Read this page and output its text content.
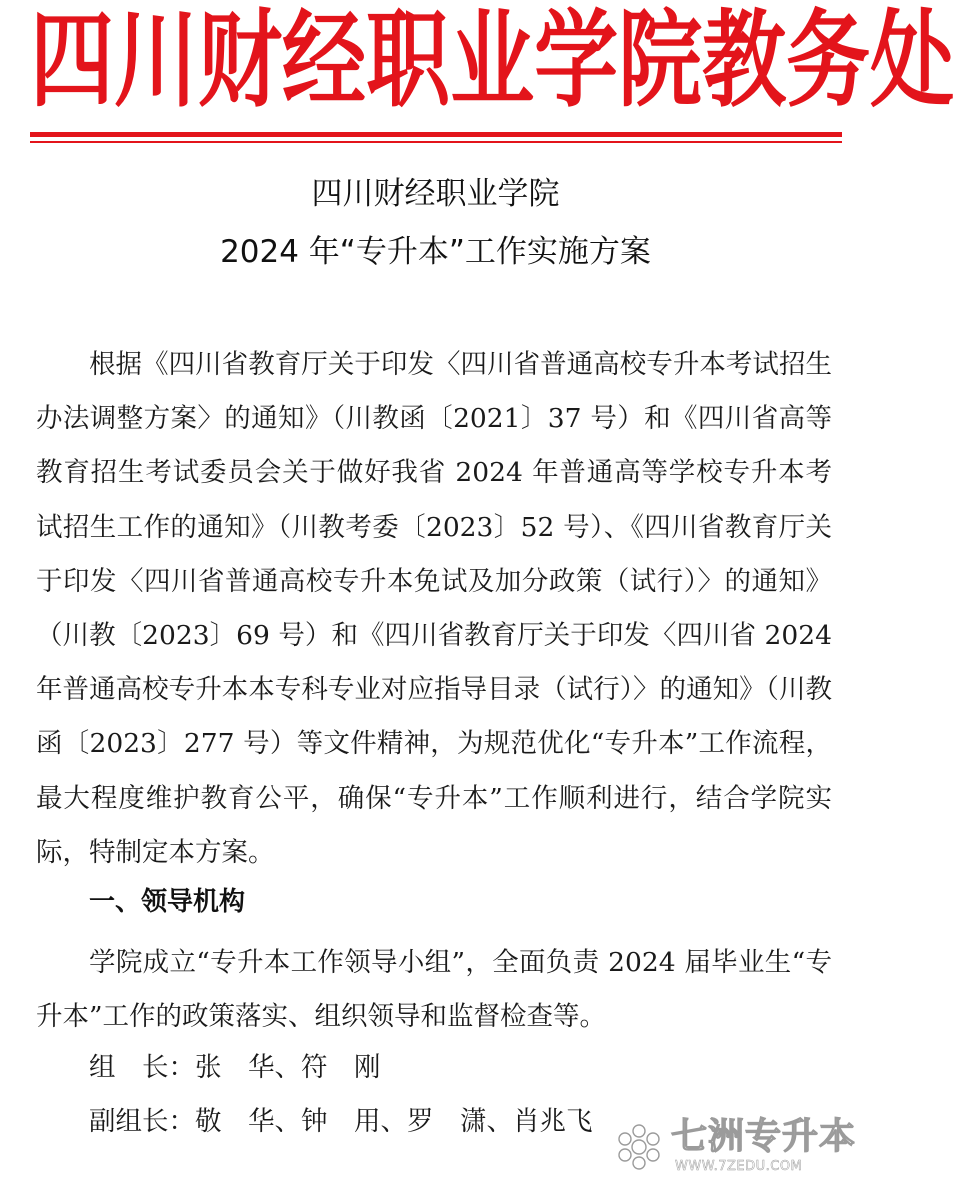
四 川 财 经 职 业 学 院 教 务 处
四川财经职业学院
2024 年“专升本”工作实施方案

根据《四川省教育厅关于印发〈四川省普通高校专升本考试招生办法调整方案〉的通知》（川教函〔2021〕37 号）和《四川省高等教育招生考试委员会关于做好我省 2024 年普通高等学校专升本考试招生工作的通知》（川教考委〔2023〕52 号）、《四川省教育厅关于印发〈四川省普通高校专升本免试及加分政策（试行）〉的通知》（川教〔2023〕69 号）和《四川省教育厅关于印发〈四川省 2024 年普通高校专升本本专科专业对应指导目录（试行）〉的通知》（川教函〔2023〕277 号）等文件精神，为规范优化“专升本”工作流程，最大程度维护教育公平，确保“专升本”工作顺利进行，结合学院实际，特制定本方案。

一、领导机构

学院成立“专升本工作领导小组”，全面负责 2024 届毕业生“专升本”工作的政策落实、组织领导和监督检查等。

组　长：张　华、符　刚
副组长：敬　华、钟　用、罗　潇、肖兆飞 七洲专升本
WWW.7ZEDU.COM
